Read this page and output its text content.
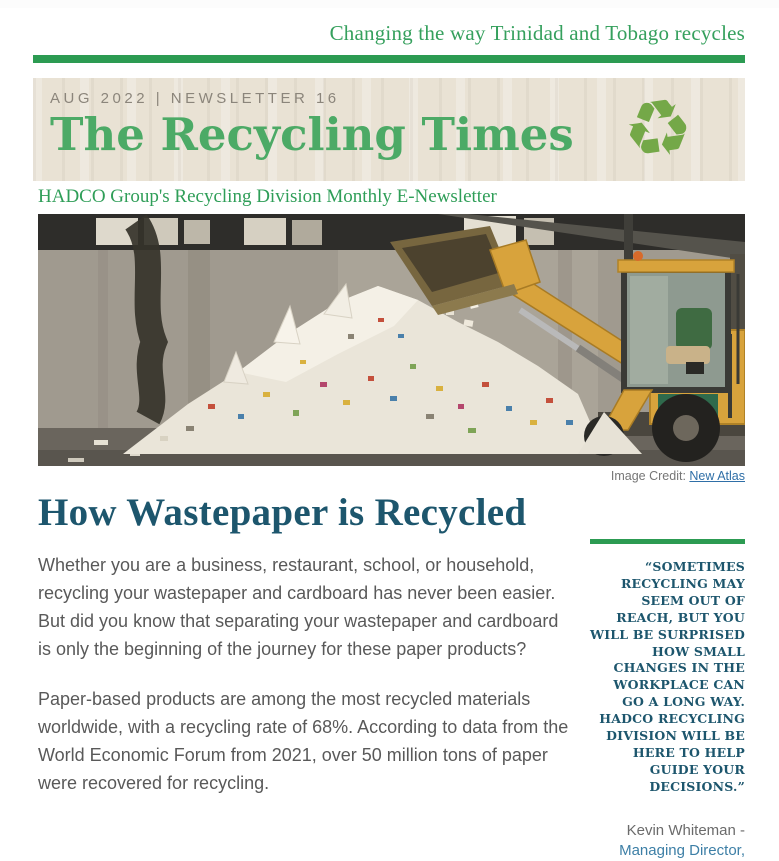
Changing the way Trinidad and Tobago recycles
AUG 2022 | NEWSLETTER 16
The Recycling Times ♻
HADCO Group's Recycling Division Monthly E-Newsletter
Image Credit: New Atlas
How Wastepaper is Recycled

Whether you are a business, restaurant, school, or household, recycling your wastepaper and cardboard has never been easier. But did you know that separating your wastepaper and cardboard is only the beginning of the journey for these paper products?

Paper-based products are among the most recycled materials worldwide, with a recycling rate of 68%. According to data from the World Economic Forum from 2021, over 50 million tons of paper were recovered for recycling.

“SOMETIMES RECYCLING MAY SEEM OUT OF REACH, BUT YOU WILL BE SURPRISED HOW SMALL CHANGES IN THE WORKPLACE CAN GO A LONG WAY. HADCO RECYCLING DIVISION WILL BE HERE TO HELP GUIDE YOUR DECISIONS.”
Kevin Whiteman -
Managing Director,
